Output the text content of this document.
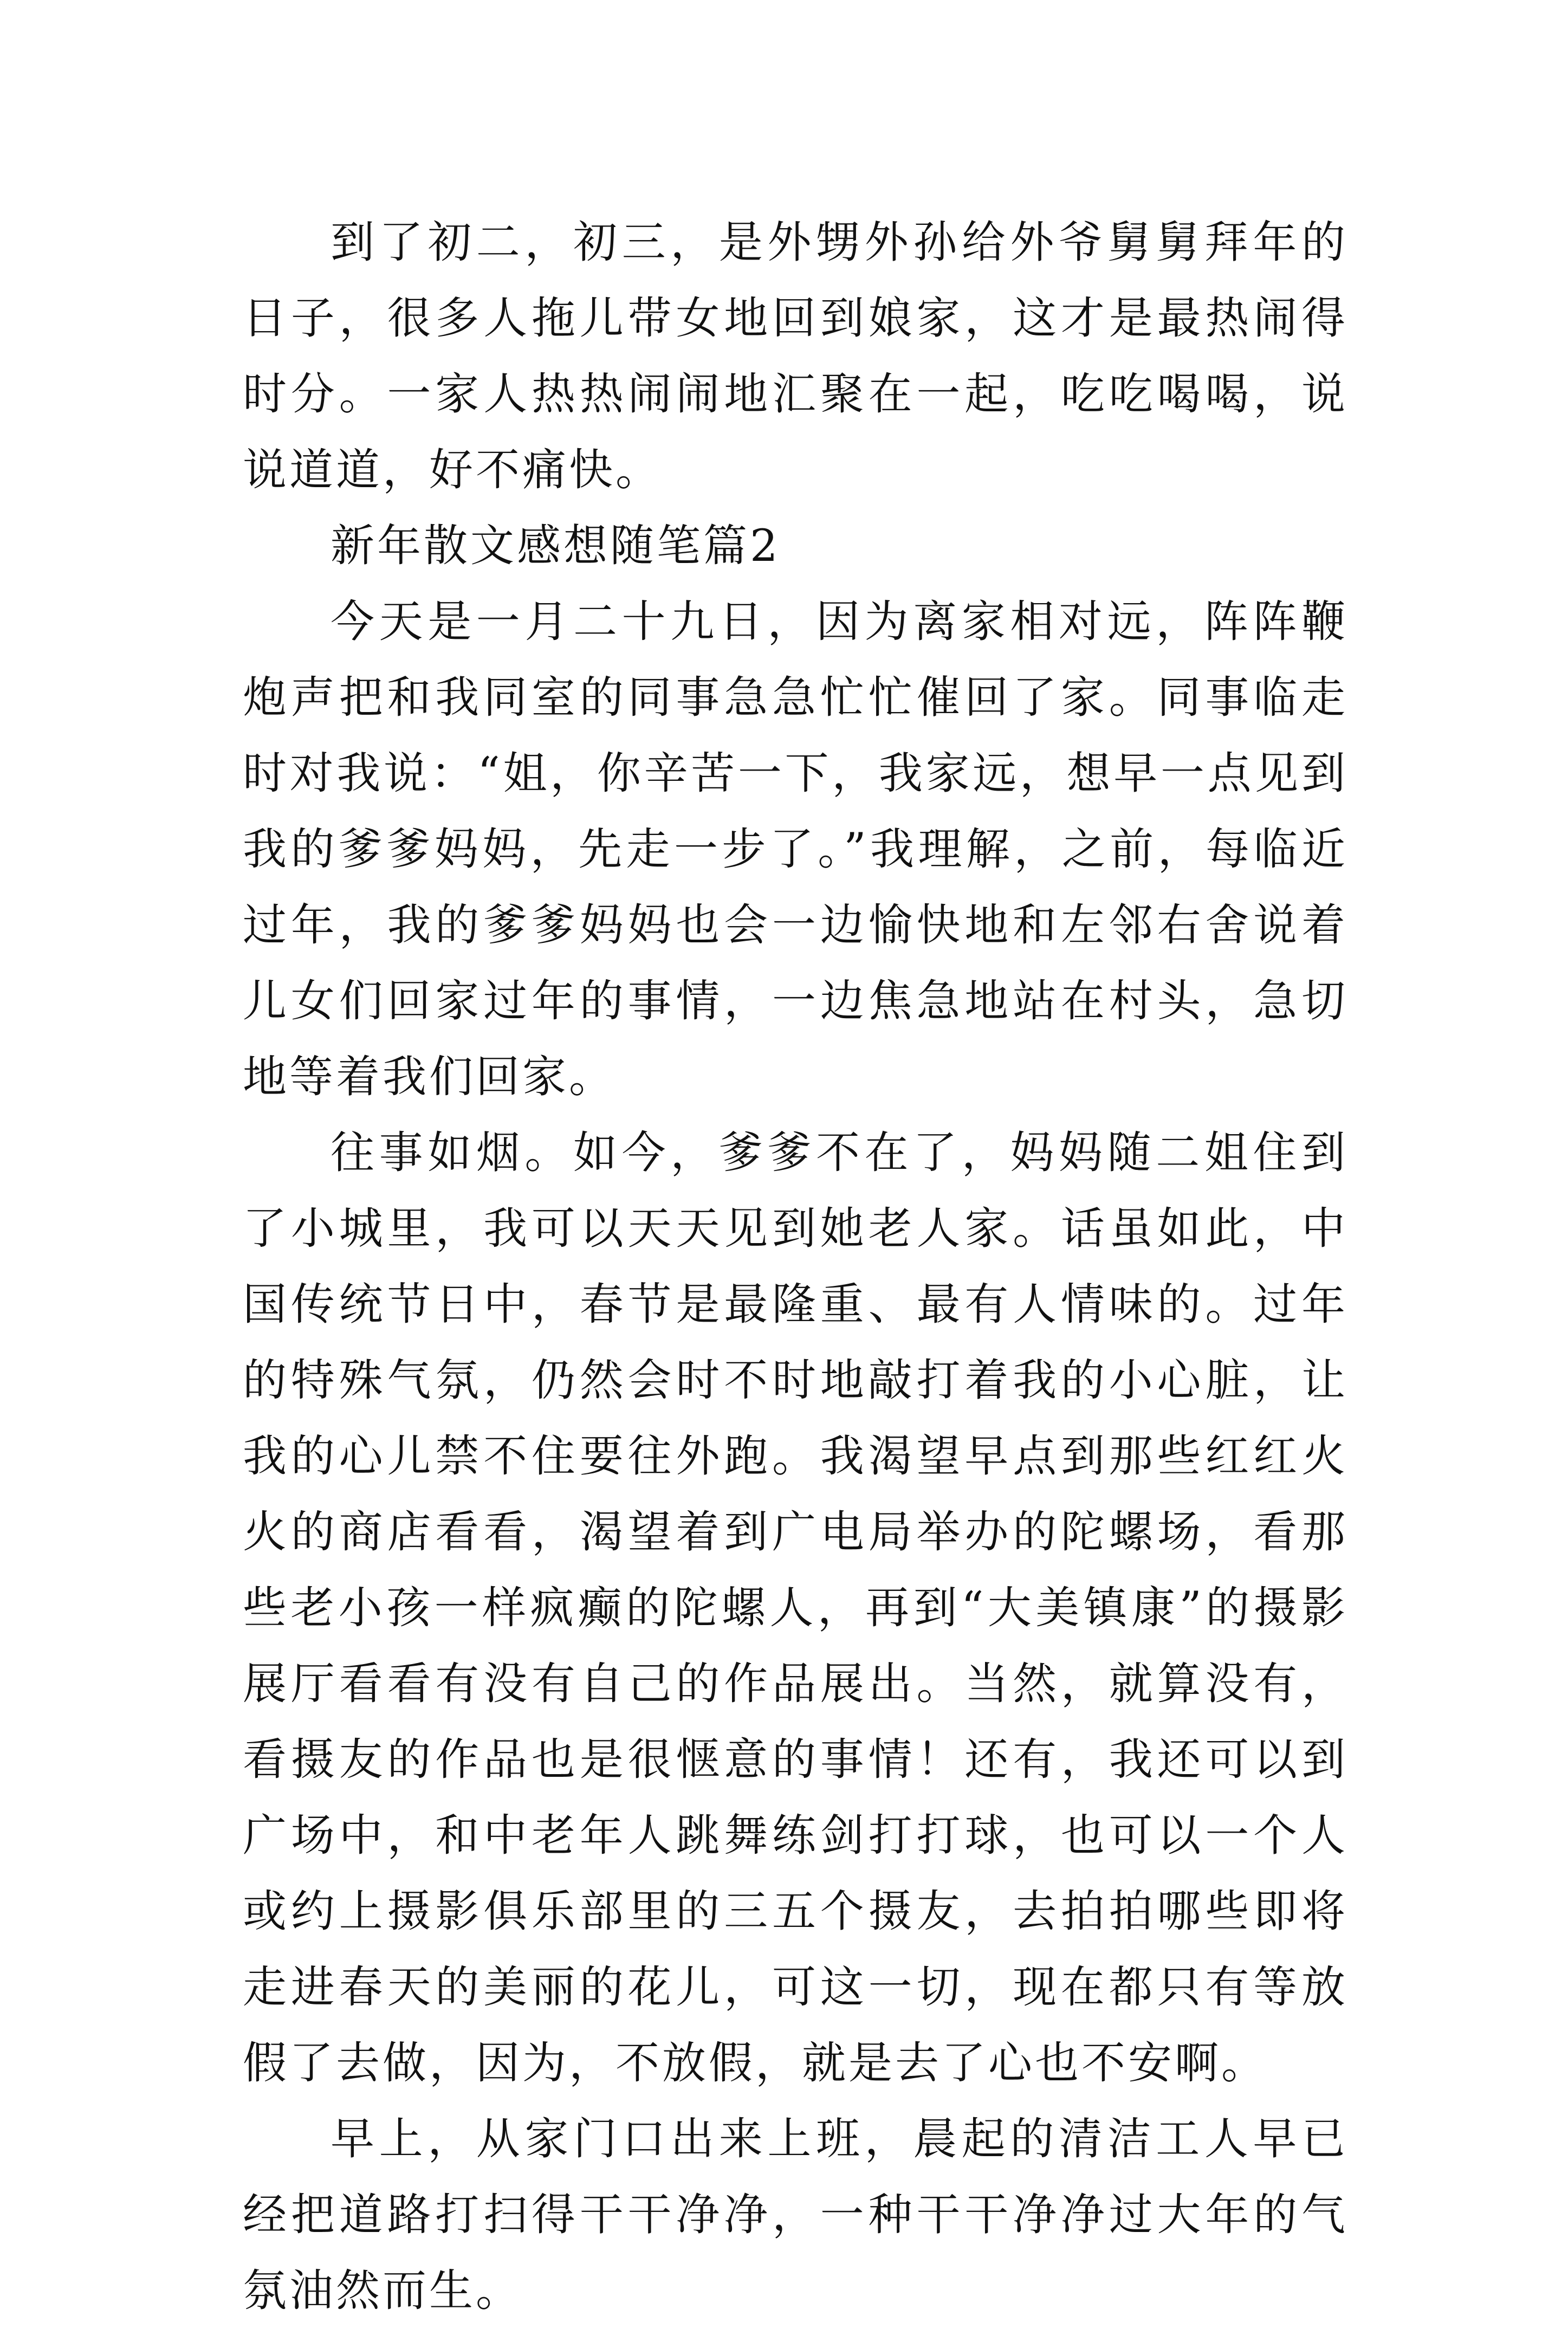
到了初二，初三，是外甥外孙给外爷舅舅拜年的日子，很多人拖儿带女地回到娘家，这才是最热闹得时分。一家人热热闹闹地汇聚在一起，吃吃喝喝，说说道道，好不痛快。

新年散文感想随笔篇2

今天是一月二十九日，因为离家相对远，阵阵鞭炮声把和我同室的同事急急忙忙催回了家。同事临走时对我说：“姐，你辛苦一下，我家远，想早一点见到我的爹爹妈妈，先走一步了。”我理解，之前，每临近过年，我的爹爹妈妈也会一边愉快地和左邻右舍说着儿女们回家过年的事情，一边焦急地站在村头，急切地等着我们回家。

往事如烟。如今，爹爹不在了，妈妈随二姐住到了小城里，我可以天天见到她老人家。话虽如此，中国传统节日中，春节是最隆重、最有人情味的。过年的特殊气氛，仍然会时不时地敲打着我的小心脏，让我的心儿禁不住要往外跑。我渴望早点到那些红红火火的商店看看，渴望着到广电局举办的陀螺场，看那些老小孩一样疯癫的陀螺人，再到“大美镇康”的摄影展厅看看有没有自己的作品展出。当然，就算没有，看摄友的作品也是很惬意的事情！还有，我还可以到广场中，和中老年人跳舞练剑打打球，也可以一个人或约上摄影俱乐部里的三五个摄友，去拍拍哪些即将走进春天的美丽的花儿，可这一切，现在都只有等放假了去做，因为，不放假，就是去了心也不安啊。

早上，从家门口出来上班，晨起的清洁工人早已经把道路打扫得干干净净，一种干干净净过大年的气氛油然而生。
